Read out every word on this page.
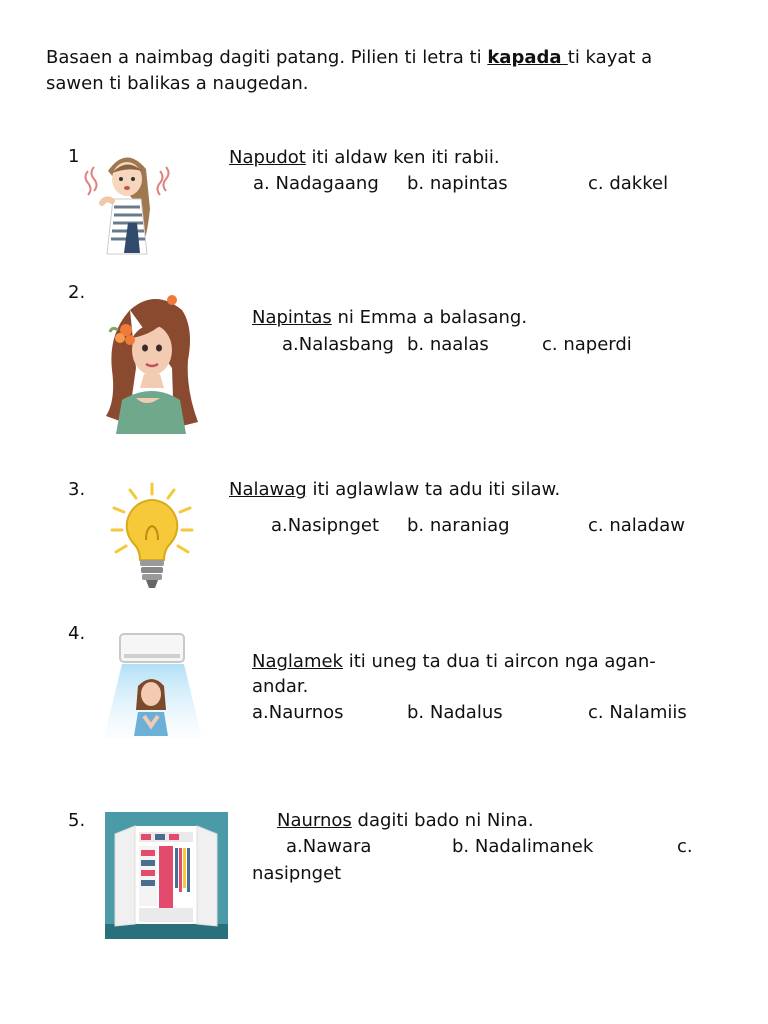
Basaen a naimbag dagiti patang. Pilien ti letra ti kapada ti kayat a
sawen ti balikas a naugedan.
1	Napudot iti aldaw ken iti rabii.
a. Nadagaang b. napintas	c. dakkel
2.
Napintas ni Emma a balasang.
a.Nalasbang b. naalas	c. naperdi
3.	Nalawag iti aglawlaw ta adu iti silaw.
a.Nasipnget b. naraniag	c. naladaw
4.
Naglamek iti uneg ta dua ti aircon nga agan-
andar.
a.Naurnos	b. Nadalus	c. Nalamiis
5.	Naurnos dagiti bado ni Nina.
a.Nawara	b. Nadalimanek	c.
nasipnget
